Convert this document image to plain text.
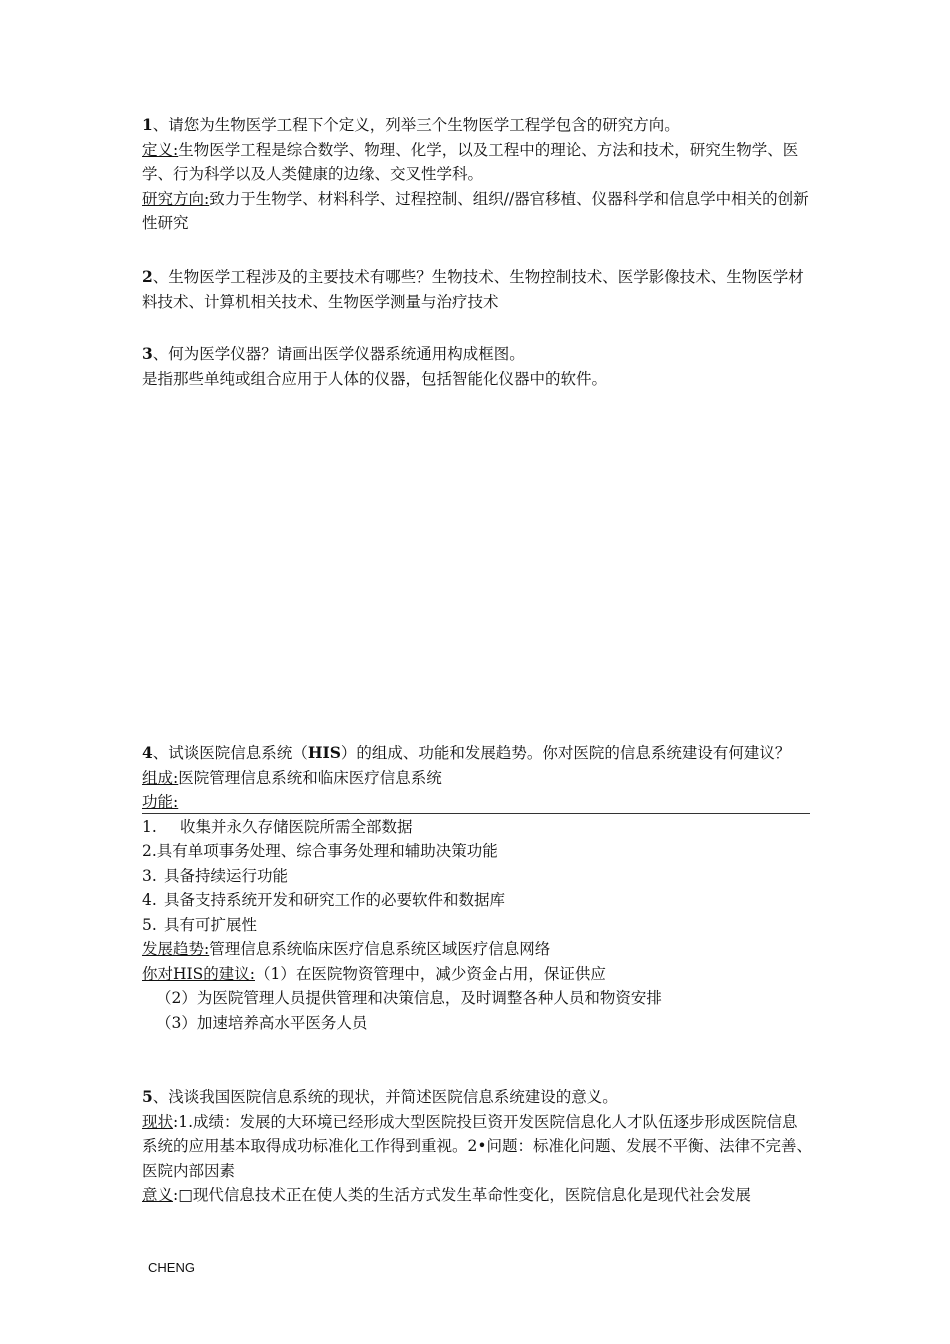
1、请您为生物医学工程下个定义，列举三个生物医学工程学包含的研究方向。
定义:生物医学工程是综合数学、物理、化学，以及工程中的理论、方法和技术，研究生物学、医学、行为科学以及人类健康的边缘、交叉性学科。
研究方向:致力于生物学、材料科学、过程控制、组织//器官移植、仪器科学和信息学中相关的创新性研究
2、生物医学工程涉及的主要技术有哪些？生物技术、生物控制技术、医学影像技术、生物医学材料技术、计算机相关技术、生物医学测量与治疗技术
3、何为医学仪器？请画出医学仪器系统通用构成框图。
是指那些单纯或组合应用于人体的仪器，包括智能化仪器中的软件。
4、试谈医院信息系统（HIS）的组成、功能和发展趋势。你对医院的信息系统建设有何建议？
组成:医院管理信息系统和临床医疗信息系统
功能:
1. 收集并永久存储医院所需全部数据
2.具有单项事务处理、综合事务处理和辅助决策功能
3. 具备持续运行功能
4. 具备支持系统开发和研究工作的必要软件和数据库
5. 具有可扩展性
发展趋势:管理信息系统临床医疗信息系统区域医疗信息网络
你对HIS的建议:（1）在医院物资管理中，减少资金占用，保证供应
（2）为医院管理人员提供管理和决策信息，及时调整各种人员和物资安排
（3）加速培养高水平医务人员
5、浅谈我国医院信息系统的现状，并简述医院信息系统建设的意义。
现状:1.成绩：发展的大环境已经形成大型医院投巨资开发医院信息化人才队伍逐步形成医院信息系统的应用基本取得成功标准化工作得到重视。2•问题：标准化问题、发展不平衡、法律不完善、医院内部因素
意义:□现代信息技术正在使人类的生活方式发生革命性变化，医院信息化是现代社会发展
CHENG
